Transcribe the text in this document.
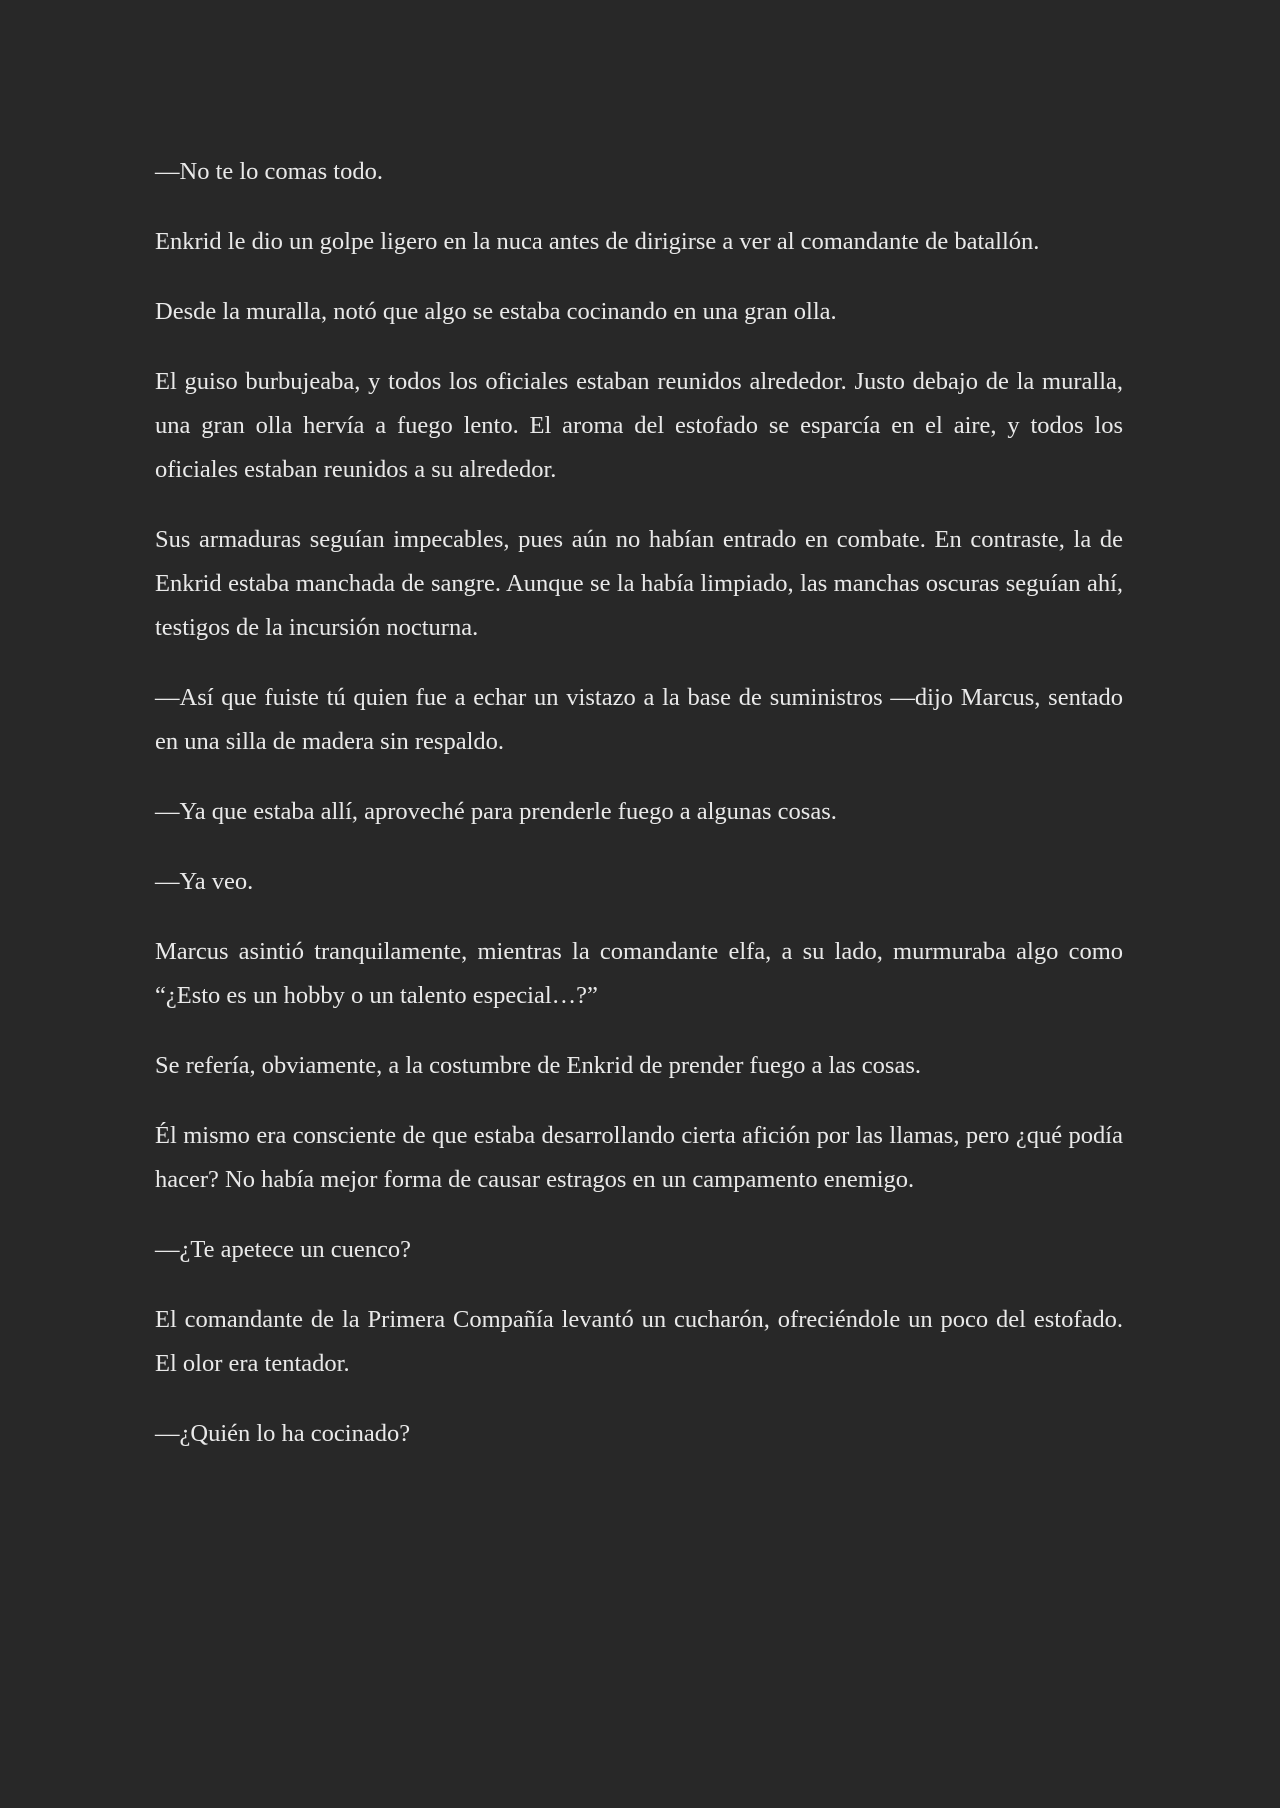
—No te lo comas todo.

Enkrid le dio un golpe ligero en la nuca antes de dirigirse a ver al comandante de batallón.

Desde la muralla, notó que algo se estaba cocinando en una gran olla.

El guiso burbujeaba, y todos los oficiales estaban reunidos alrededor. Justo debajo de la muralla, una gran olla hervía a fuego lento. El aroma del estofado se esparcía en el aire, y todos los oficiales estaban reunidos a su alrededor.

Sus armaduras seguían impecables, pues aún no habían entrado en combate. En contraste, la de Enkrid estaba manchada de sangre. Aunque se la había limpiado, las manchas oscuras seguían ahí, testigos de la incursión nocturna.

—Así que fuiste tú quien fue a echar un vistazo a la base de suministros —dijo Marcus, sentado en una silla de madera sin respaldo.

—Ya que estaba allí, aproveché para prenderle fuego a algunas cosas.

—Ya veo.

Marcus asintió tranquilamente, mientras la comandante elfa, a su lado, murmuraba algo como “¿Esto es un hobby o un talento especial…?”

Se refería, obviamente, a la costumbre de Enkrid de prender fuego a las cosas.

Él mismo era consciente de que estaba desarrollando cierta afición por las llamas, pero ¿qué podía hacer? No había mejor forma de causar estragos en un campamento enemigo.

—¿Te apetece un cuenco?

El comandante de la Primera Compañía levantó un cucharón, ofreciéndole un poco del estofado. El olor era tentador.

—¿Quién lo ha cocinado?
